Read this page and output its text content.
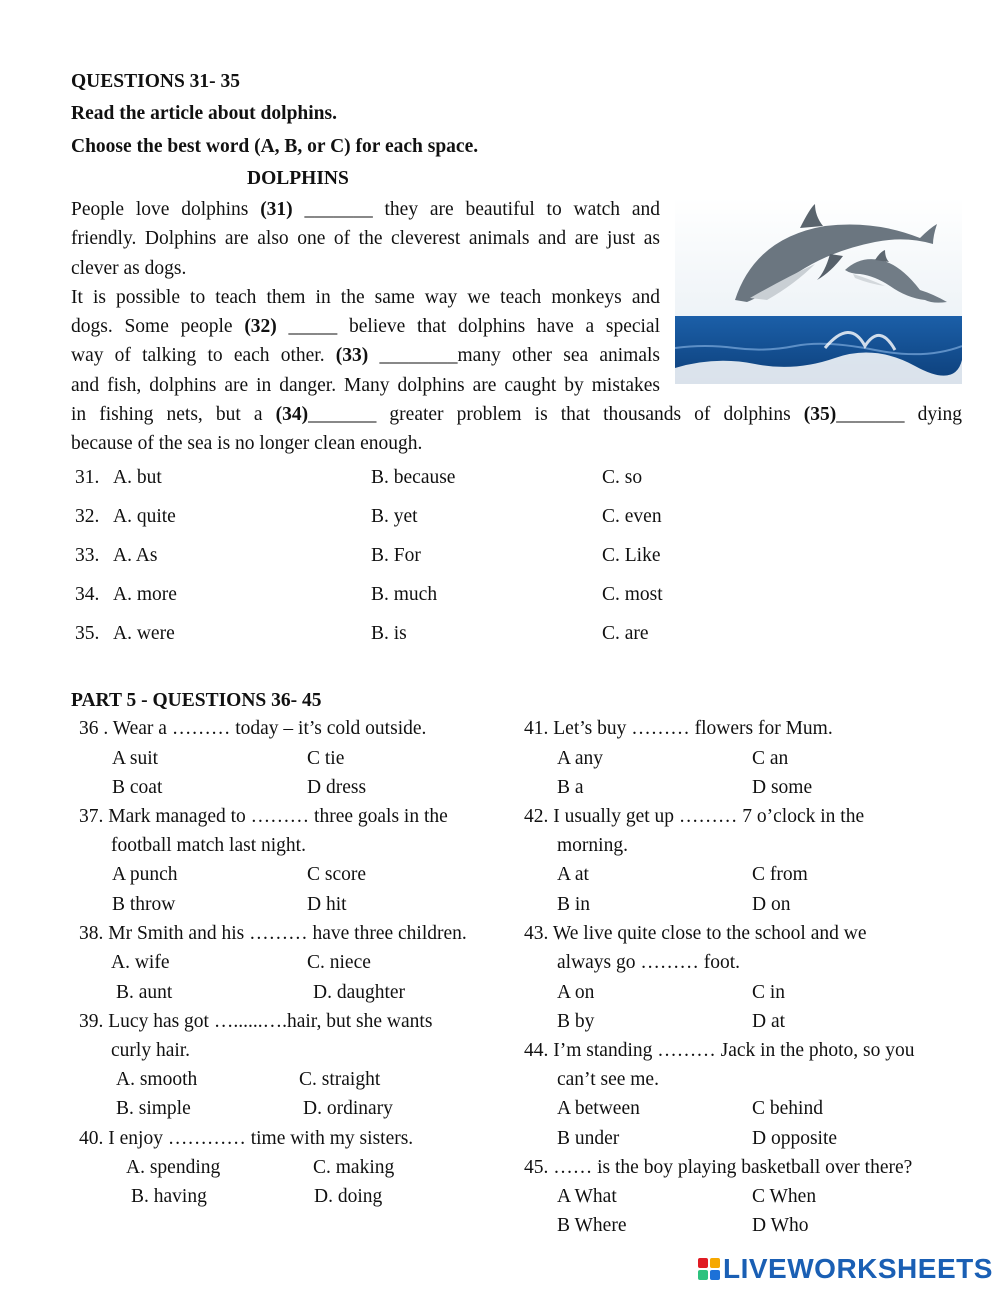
QUESTIONS 31- 35
Read the article about dolphins.
Choose the best word (A, B, or C) for each space.
DOLPHINS
People love dolphins (31) _______ they are beautiful to watch and
friendly. Dolphins are also one of the cleverest animals and are just as
clever as dogs.
It is possible to teach them in the same way we teach monkeys and
dogs. Some people (32) _____ believe that dolphins have a special
way of talking to each other. (33) ________many other sea animals
and fish, dolphins are in danger. Many dolphins are caught by mistakes
in fishing nets, but a (34)_______ greater problem is that thousands of dolphins (35)_______ dying
because of the sea is no longer clean enough.
31. A. but	B. because	C. so
32. A. quite	B. yet	C. even
33. A. As	B. For	C. Like
34. A. more	B. much	C. most
35. A. were	B. is	C. are
PART 5 - QUESTIONS 36- 45
36 . Wear a ……… today – it’s cold outside.
A suit	C tie
B coat	D dress
37. Mark managed to ……… three goals in the
football match last night.
A punch	C score
B throw	D hit
38. Mr Smith and his ……… have three children.
A. wife	C. niece
B. aunt	D. daughter
39. Lucy has got …......….hair, but she wants
curly hair.
A. smooth	C. straight
B. simple	D. ordinary
40. I enjoy ………… time with my sisters.
A. spending	C. making
B. having	D. doing
41. Let’s buy ……… flowers for Mum.
A any	C an
B a	D some
42. I usually get up ……… 7 o’clock in the
morning.
A at	C from
B in	D on
43. We live quite close to the school and we
always go ……… foot.
A on	C in
B by	D at
44. I’m standing ……… Jack in the photo, so you
can’t see me.
A between	C behind
B under	D opposite
45. …… is the boy playing basketball over there?
A What	C When
B Where	D Who
LIVEWORKSHEETS
